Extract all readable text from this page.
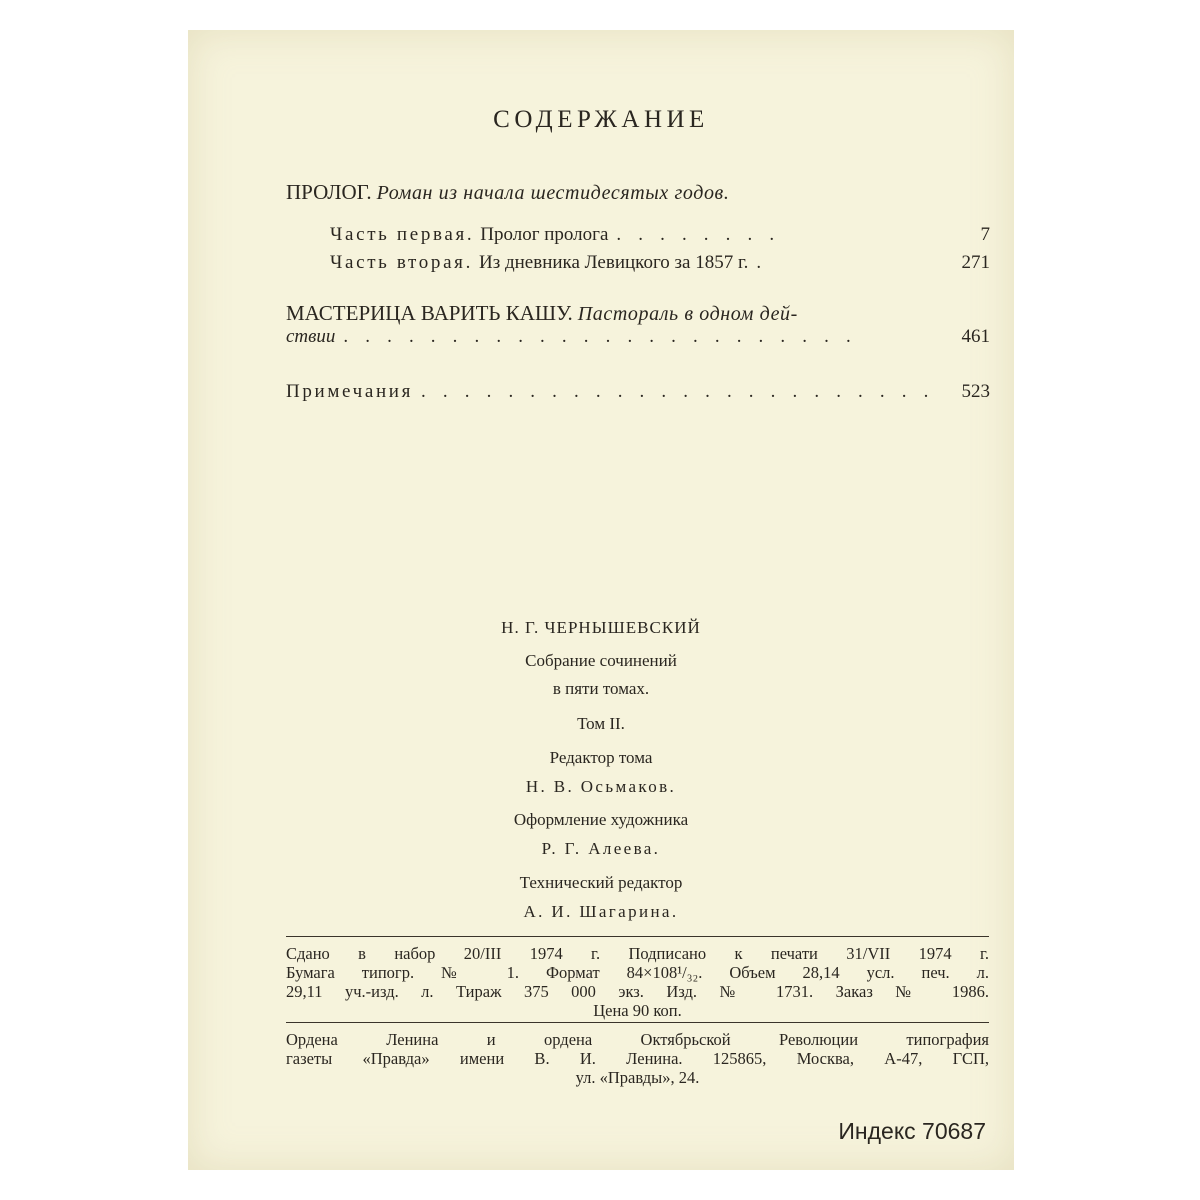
СОДЕРЖАНИЕ
ПРОЛОГ. Роман из начала шестидесятых годов.
Часть первая. Пролог пролога ........	7
Часть вторая. Из дневника Левицкого за 1857 г. .	271
МАСТЕРИЦА ВАРИТЬ КАШУ. Пастораль в одном дей-
ствии ........................	461
Примечания ........................ 523
Н. Г. ЧЕРНЫШЕВСКИЙ
Собрание сочинений
в пяти томах.
Том II.
Редактор тома
Н. В. Осьмаков.
Оформление художника
Р. Г. Алеева.
Технический редактор
А. И. Шагарина.
Сдано в набор 20/III 1974 г. Подписано к печати 31/VII 1974 г.
Бумага типогр. № 1. Формат 84×108¹/₃₂. Объем 28,14 усл. печ. л.
29,11 уч.-изд. л. Тираж 375 000 экз. Изд. № 1731. Заказ № 1986.
Цена 90 коп.
Ордена Ленина и ордена Октябрьской Революции типография
газеты «Правда» имени В. И. Ленина. 125865, Москва, А-47, ГСП,
ул. «Правды», 24.
Индекс 70687
